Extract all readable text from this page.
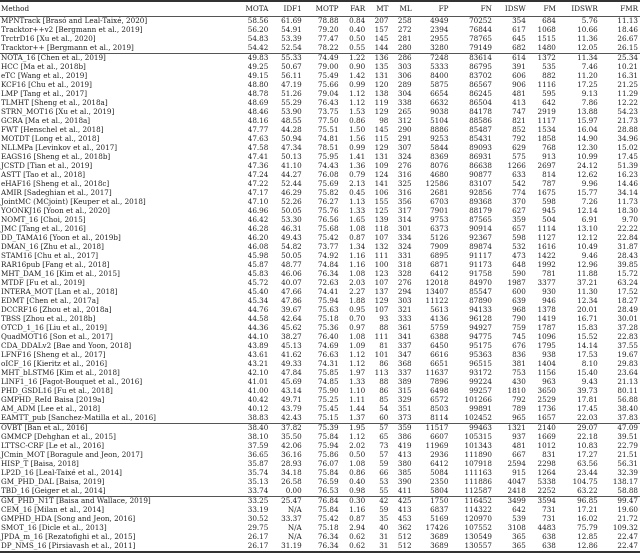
Method	MOTA	IDF1	MOTP	FAR	MT	ML	FP	FN	IDSW	FM	IDSWR	FMR
MPNTrack [Brasó and Leal-Taixé, 2020]	58.56	61.69	78.88	0.84	207	258	4949	70252	354	684	5.76	11.13
Tracktor++v2 [Bergmann et al., 2019]	56.20	54.91	79.20	0.40	157	272	2394	76844	617	1068	10.66	18.46
TrctrD16 [Xu et al., 2020]	54.83	53.39	77.47	0.50	145	281	2955	78765	645	1515	11.36	26.67
Tracktor++ [Bergmann et al., 2019]	54.42	52.54	78.22	0.55	144	280	3280	79149	682	1480	12.05	26.15
NOTA_16 [Chen et al., 2019]	49.83	55.33	74.49	1.22	136	286	7248	83614	614	1372	11.34	25.34
HCC [Ma et al., 2018b]	49.25	50.67	79.00	0.90	135	303	5333	86795	391	535	7.46	10.21
eTC [Wang et al., 2019]	49.15	56.11	75.49	1.42	131	306	8400	83702	606	882	11.20	16.31
KCF16 [Chu et al., 2019]	48.80	47.19	75.66	0.99	120	289	5875	86567	906	1116	17.25	21.25
LMP [Tang et al., 2017]	48.78	51.26	79.04	1.12	138	304	6654	86245	481	595	9.13	11.29
TLMHT [Sheng et al., 2018a]	48.69	55.29	76.43	1.12	119	338	6632	86504	413	642	7.86	12.22
STRN_MOT16 [Xu et al., 2019]	48.46	53.90	73.75	1.53	129	265	9038	84178	747	2919	13.88	54.23
GCRA [Ma et al., 2018a]	48.16	48.55	77.50	0.86	98	312	5104	88586	821	1117	15.97	21.73
FWT [Henschel et al., 2018]	47.77	44.28	75.51	1.50	145	290	8886	85487	852	1534	16.04	28.88
MOTDT [Long et al., 2018]	47.63	50.94	74.81	1.56	115	291	9253	85431	792	1858	14.90	34.96
NLLMPa [Levinkov et al., 2017]	47.58	47.34	78.51	0.99	129	307	5844	89093	629	768	12.30	15.02
EAGS16 [Sheng et al., 2018b]	47.41	50.13	75.95	1.41	131	324	8369	86931	575	913	10.99	17.45
JCSTD [Tian et al., 2019]	47.36	41.10	74.43	1.36	109	276	8076	86638	1266	2697	24.12	51.39
ASTT [Tao et al., 2018]	47.24	44.27	76.08	0.79	124	316	4680	90877	633	814	12.62	16.23
eHAF16 [Sheng et al., 2018c]	47.22	52.44	75.69	2.13	141	325	12586	83107	542	787	9.96	14.46
AMIR [Sadeghian et al., 2017]	47.17	46.29	75.82	0.45	106	316	2681	92856	774	1675	15.77	34.14
JointMC (MCjoint) [Keuper et al., 2018]	47.10	52.26	76.27	1.13	155	356	6703	89368	370	598	7.26	11.73
YOONKJ16 [Yoon et al., 2020]	46.96	50.05	75.76	1.33	125	317	7901	88179	627	945	12.14	18.30
NOMT_16 [Choi, 2015]	46.42	53.30	76.56	1.65	139	314	9753	87565	359	504	6.91	9.70
JMC [Tang et al., 2016]	46.28	46.31	75.68	1.08	118	301	6373	90914	657	1114	13.10	22.22
DD_TAMA16 [Yoon et al., 2019b]	46.20	49.43	75.42	0.87	107	334	5126	92367	598	1127	12.12	22.84
DMAN_16 [Zhu et al., 2018]	46.08	54.82	73.77	1.34	132	324	7909	89874	532	1616	10.49	31.87
STAM16 [Chu et al., 2017]	45.98	50.05	74.92	1.16	111	331	6895	91117	473	1422	9.46	28.43
RAR16pub [Fang et al., 2018]	45.87	48.77	74.84	1.16	100	318	6871	91173	648	1992	12.96	39.85
MHT_DAM_16 [Kim et al., 2015]	45.83	46.06	76.34	1.08	123	328	6412	91758	590	781	11.88	15.72
MTDF [Fu et al., 2019]	45.72	40.07	72.63	2.03	107	276	12018	84970	1987	3377	37.21	63.24
INTERA_MOT [Lan et al., 2018]	45.40	47.66	74.41	2.27	137	294	13407	85547	600	930	11.30	17.52
EDMT [Chen et al., 2017a]	45.34	47.86	75.94	1.88	129	303	11122	87890	639	946	12.34	18.27
DCCRF16 [Zhou et al., 2018a]	44.76	39.67	75.63	0.95	107	321	5613	94133	968	1378	20.01	28.49
TBSS [Zhou et al., 2018b]	44.58	42.64	75.18	0.70	93	333	4136	96128	790	1419	16.71	30.01
OTCD_1_16 [Liu et al., 2019]	44.36	45.62	75.36	0.97	88	361	5759	94927	759	1787	15.83	37.28
QuadMOT16 [Son et al., 2017]	44.10	38.27	76.40	1.08	111	341	6388	94775	745	1096	15.52	22.83
CDA_DDALv2 [Bae and Yoon, 2018]	43.89	45.13	74.69	1.09	81	337	6450	95175	676	1795	14.14	37.55
LFNF16 [Sheng et al., 2017]	43.61	41.62	76.63	1.12	101	347	6616	95363	836	938	17.53	19.67
oICF_16 [Kieritz et al., 2016]	43.21	49.33	74.31	1.12	86	368	6651	96515	381	1404	8.10	29.83
MHT_bLSTM6 [Kim et al., 2018]	42.10	47.84	75.85	1.97	113	337	11637	93172	753	1156	15.40	23.64
LINF1_16 [Fagot-Bouquet et al., 2016]	41.01	45.69	74.85	1.33	88	389	7896	99224	430	963	9.43	21.13
PHD_GSDL16 [Fu et al., 2018]	41.00	43.14	75.90	1.10	86	315	6498	99257	1810	3650	39.73	80.11
GMPHD_ReId Baisa [2019a]	40.42	49.71	75.25	1.11	85	329	6572	101266	792	2529	17.81	56.88
AM_ADM [Lee et al., 2018]	40.12	43.79	75.45	1.44	54	351	8503	99891	789	1736	17.45	38.40
EAMTT_pub [Sanchez-Matilla et al., 2016]	38.83	42.43	75.15	1.37	60	373	8114	102452	965	1657	22.03	37.83
OVBT [Ban et al., 2016]	38.40	37.82	75.39	1.95	57	359	11517	99463	1321	2140	29.07	47.09
GMMCP [Dehghan et al., 2015]	38.10	35.50	75.84	1.12	65	386	6607	105315	937	1669	22.18	39.51
LTTSC-CRF [Le et al., 2016]	37.59	42.06	75.94	2.02	73	419	11969	101343	481	1012	10.83	22.79
JCmin_MOT [Boragule and Jeon, 2017]	36.65	36.16	75.86	0.50	57	413	2936	111890	667	831	17.27	21.51
HISP_T [Baisa, 2018]	35.87	28.93	76.07	1.08	59	380	6412	107918	2594	2298	63.56	56.31
LP2D_16 [Leal-Taixé et al., 2014]	35.74	34.18	75.84	0.86	66	385	5084	111163	915	1264	23.44	32.39
GM_PHD_DAL [Baisa, 2019]	35.13	26.58	76.59	0.40	53	390	2350	111886	4047	5338	104.75	138.17
TBD_16 [Geiger et al., 2014]	33.74	0.00	76.53	0.98	55	411	5804	112587	2418	2252	63.22	58.88
GM_PHD_N1T [Baisa and Wallace, 2019]	33.25	25.47	76.84	0.30	42	425	1750	116452	3499	3594	96.85	99.47
CEM_16 [Milan et al., 2014]	33.19	N/A	75.84	1.16	59	413	6837	114322	642	731	17.21	19.60
GMPHD_HDA [Song and Jeon, 2016]	30.52	33.37	75.42	0.87	35	453	5169	120970	539	731	16.02	21.72
SMOT_16 [Dicle et al., 2013]	29.75	N/A	75.18	2.94	40	362	17426	107552	3108	4483	75.79	109.32
JPDA_m_16 [Rezatofighi et al., 2015]	26.17	N/A	76.34	0.62	31	512	3689	130549	365	638	12.85	22.47
DP_NMS_16 [Pirsiavash et al., 2011]	26.17	31.19	76.34	0.62	31	512	3689	130557	365	638	12.86	22.47
